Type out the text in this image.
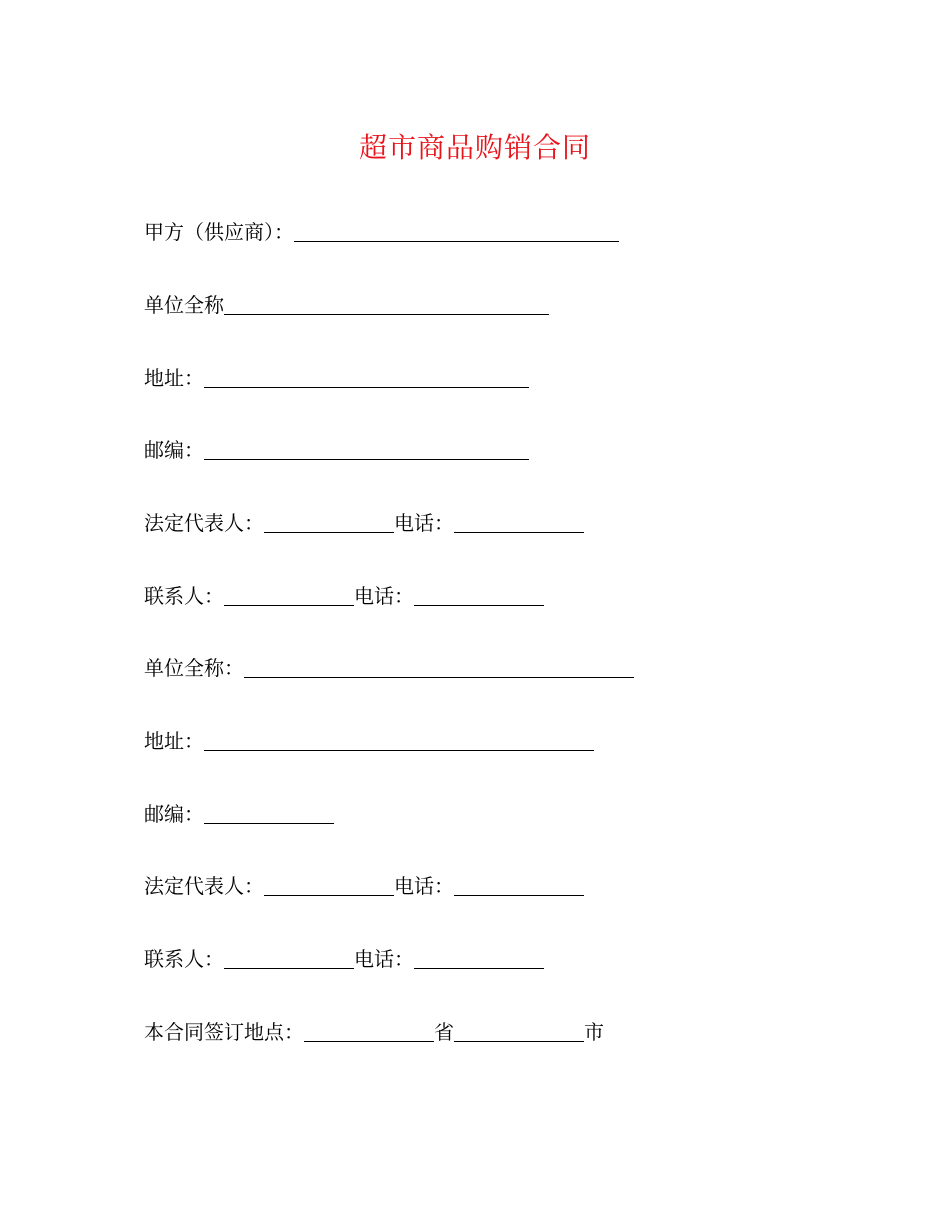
超市商品购销合同
甲方（供应商）：
单位全称
地址：
邮编：
法定代表人：	电话：
联系人：	电话：
单位全称：
地址：
邮编：
法定代表人：	电话：
联系人：	电话：
本合同签订地点：	省	市
